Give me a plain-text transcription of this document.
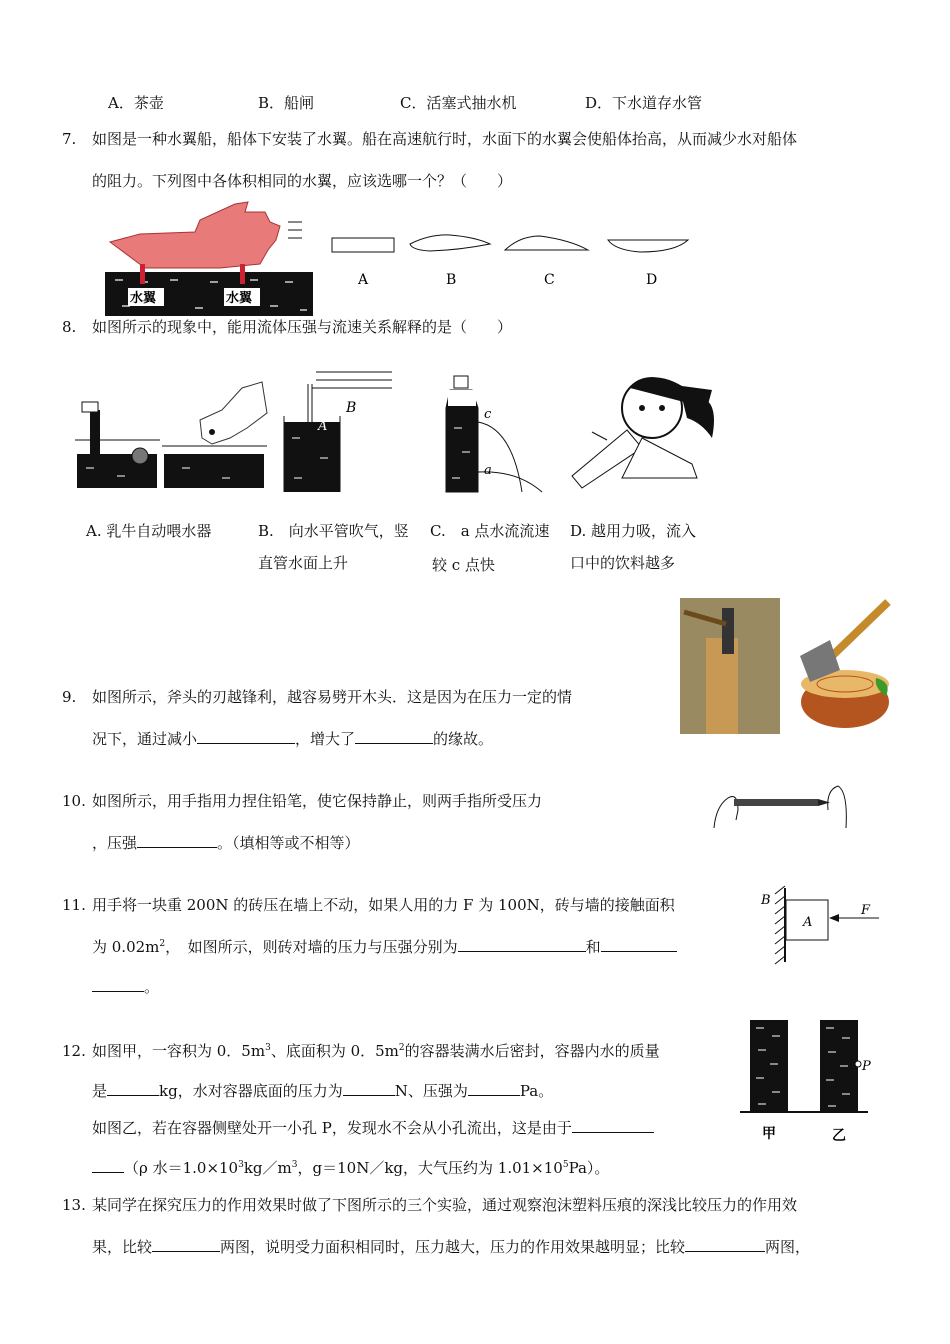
A．茶壶	B．船闸	C．活塞式抽水机	D．下水道存水管
7. 如图是一种水翼船，船体下安装了水翼。船在高速航行时，水面下的水翼会使船体抬高，从而减少水对船体
的阻力。下列图中各体积相同的水翼，应该选哪一个？（　　）
水翼	水翼
A	B	C	D
8. 如图所示的现象中，能用流体压强与流速关系解释的是（　　）
B
A
c
a
A. 乳牛自动喂水器	B.　向水平管吹气，竖
直管水面上升
C.　a 点水流流速
较 c 点快
D. 越用力吸，流入
口中的饮料越多
9. 如图所示，斧头的刃越锋利，越容易劈开木头．这是因为在压力一定的情
况下，通过减小	，增大了	的缘故。
10. 如图所示，用手指用力捏住铅笔，使它保持静止，则两手指所受压力
，压强	。（填相等或不相等）
11. 用手将一块重 200N 的砖压在墙上不动，如果人用的力 F 为 100N，砖与墙的接触面积
为 $0.02m^2$，　如图所示，则砖对墙的压力与压强分别为	和
。
B
A
F
12. 如图甲，一容积为 0．$5m^3$、底面积为 0．$5m^2$的容器装满水后密封，容器内水的质量
是	kg，水对容器底面的压力为	N、压强为	Pa。
如图乙，若在容器侧壁处开一小孔 P，发现水不会从小孔流出，这是由于
（ρ 水$=1.0\times 10^3kg/m^3$，g＝10N／kg，大气压约为 $1.01\times 10^5Pa$）。
P
甲	乙
13. 某同学在探究压力的作用效果时做了下图所示的三个实验，通过观察泡沫塑料压痕的深浅比较压力的作用效
果，比较	两图，说明受力面积相同时，压力越大，压力的作用效果越明显；比较	两图，
